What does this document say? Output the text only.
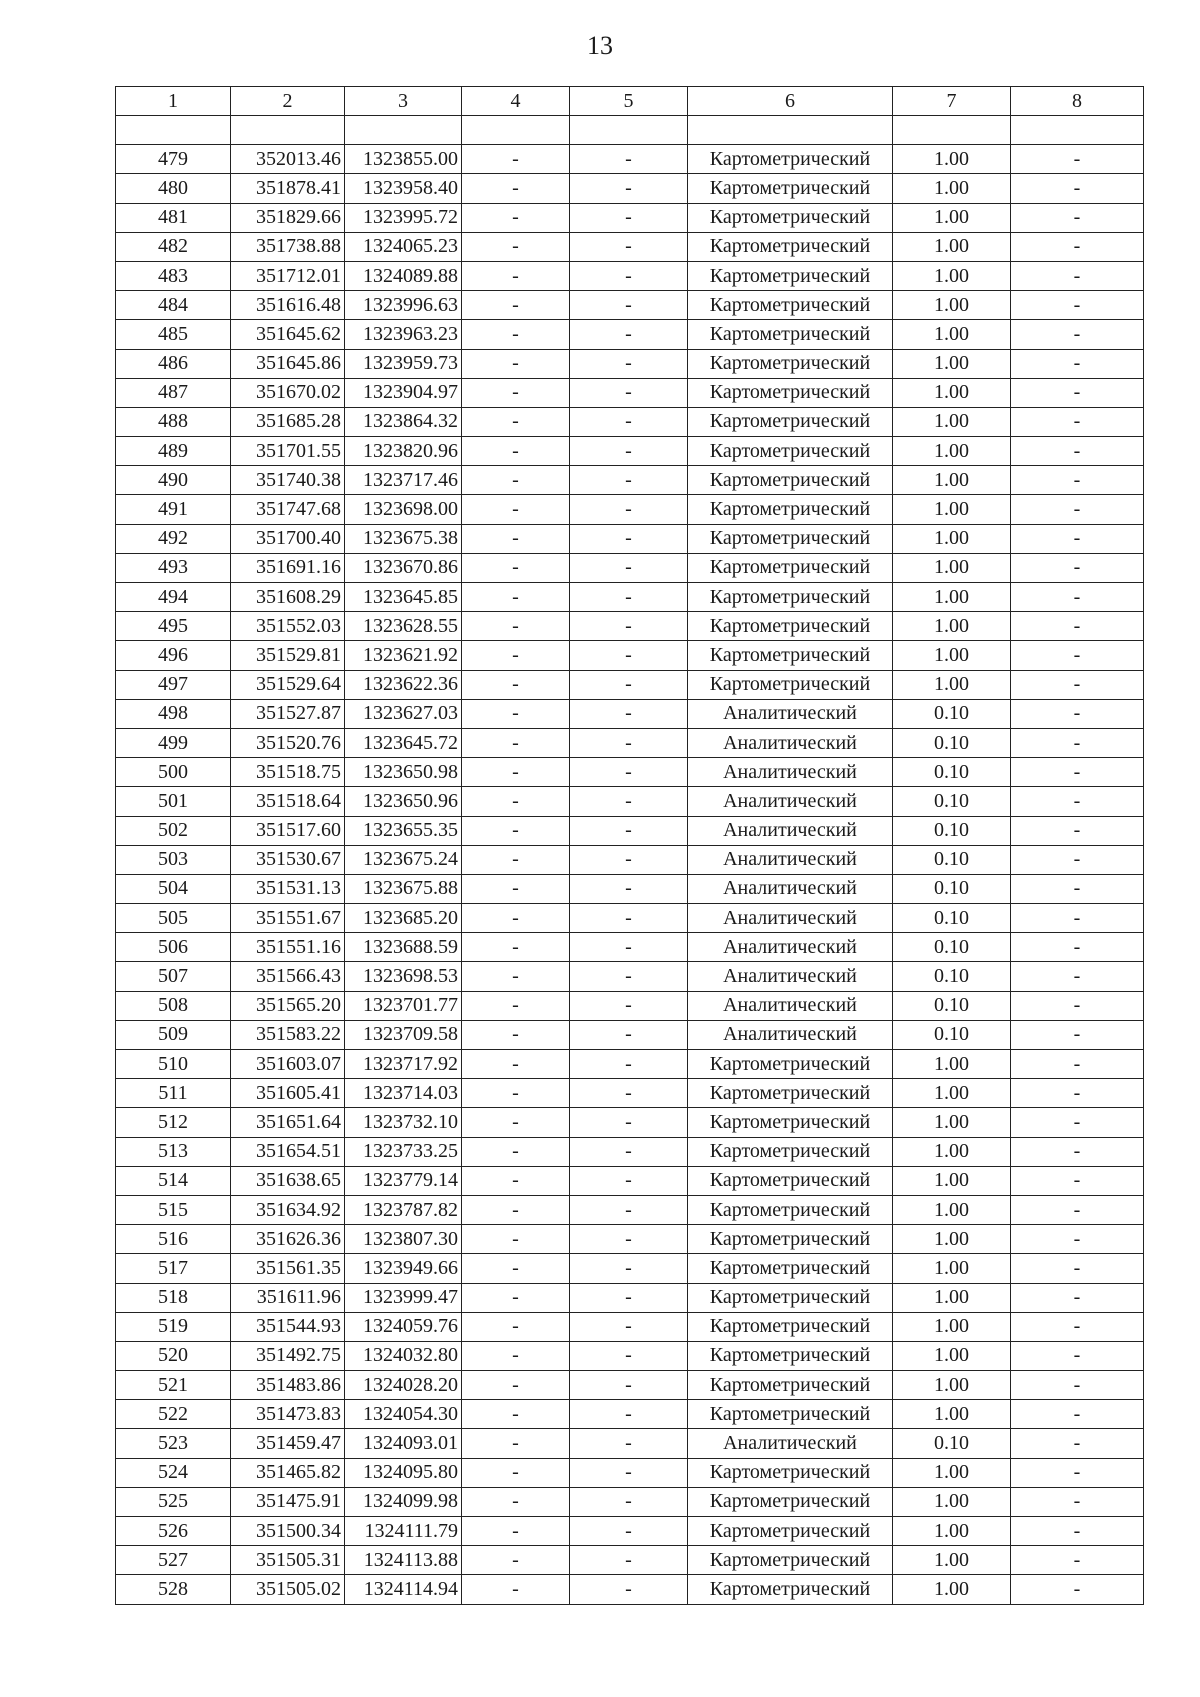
13
1	2	3	4	5	6	7	8

479	352013.46	1323855.00	-	-	Картометрический	1.00	-
480	351878.41	1323958.40	-	-	Картометрический	1.00	-
481	351829.66	1323995.72	-	-	Картометрический	1.00	-
482	351738.88	1324065.23	-	-	Картометрический	1.00	-
483	351712.01	1324089.88	-	-	Картометрический	1.00	-
484	351616.48	1323996.63	-	-	Картометрический	1.00	-
485	351645.62	1323963.23	-	-	Картометрический	1.00	-
486	351645.86	1323959.73	-	-	Картометрический	1.00	-
487	351670.02	1323904.97	-	-	Картометрический	1.00	-
488	351685.28	1323864.32	-	-	Картометрический	1.00	-
489	351701.55	1323820.96	-	-	Картометрический	1.00	-
490	351740.38	1323717.46	-	-	Картометрический	1.00	-
491	351747.68	1323698.00	-	-	Картометрический	1.00	-
492	351700.40	1323675.38	-	-	Картометрический	1.00	-
493	351691.16	1323670.86	-	-	Картометрический	1.00	-
494	351608.29	1323645.85	-	-	Картометрический	1.00	-
495	351552.03	1323628.55	-	-	Картометрический	1.00	-
496	351529.81	1323621.92	-	-	Картометрический	1.00	-
497	351529.64	1323622.36	-	-	Картометрический	1.00	-
498	351527.87	1323627.03	-	-	Аналитический	0.10	-
499	351520.76	1323645.72	-	-	Аналитический	0.10	-
500	351518.75	1323650.98	-	-	Аналитический	0.10	-
501	351518.64	1323650.96	-	-	Аналитический	0.10	-
502	351517.60	1323655.35	-	-	Аналитический	0.10	-
503	351530.67	1323675.24	-	-	Аналитический	0.10	-
504	351531.13	1323675.88	-	-	Аналитический	0.10	-
505	351551.67	1323685.20	-	-	Аналитический	0.10	-
506	351551.16	1323688.59	-	-	Аналитический	0.10	-
507	351566.43	1323698.53	-	-	Аналитический	0.10	-
508	351565.20	1323701.77	-	-	Аналитический	0.10	-
509	351583.22	1323709.58	-	-	Аналитический	0.10	-
510	351603.07	1323717.92	-	-	Картометрический	1.00	-
511	351605.41	1323714.03	-	-	Картометрический	1.00	-
512	351651.64	1323732.10	-	-	Картометрический	1.00	-
513	351654.51	1323733.25	-	-	Картометрический	1.00	-
514	351638.65	1323779.14	-	-	Картометрический	1.00	-
515	351634.92	1323787.82	-	-	Картометрический	1.00	-
516	351626.36	1323807.30	-	-	Картометрический	1.00	-
517	351561.35	1323949.66	-	-	Картометрический	1.00	-
518	351611.96	1323999.47	-	-	Картометрический	1.00	-
519	351544.93	1324059.76	-	-	Картометрический	1.00	-
520	351492.75	1324032.80	-	-	Картометрический	1.00	-
521	351483.86	1324028.20	-	-	Картометрический	1.00	-
522	351473.83	1324054.30	-	-	Картометрический	1.00	-
523	351459.47	1324093.01	-	-	Аналитический	0.10	-
524	351465.82	1324095.80	-	-	Картометрический	1.00	-
525	351475.91	1324099.98	-	-	Картометрический	1.00	-
526	351500.34	1324111.79	-	-	Картометрический	1.00	-
527	351505.31	1324113.88	-	-	Картометрический	1.00	-
528	351505.02	1324114.94	-	-	Картометрический	1.00	-
